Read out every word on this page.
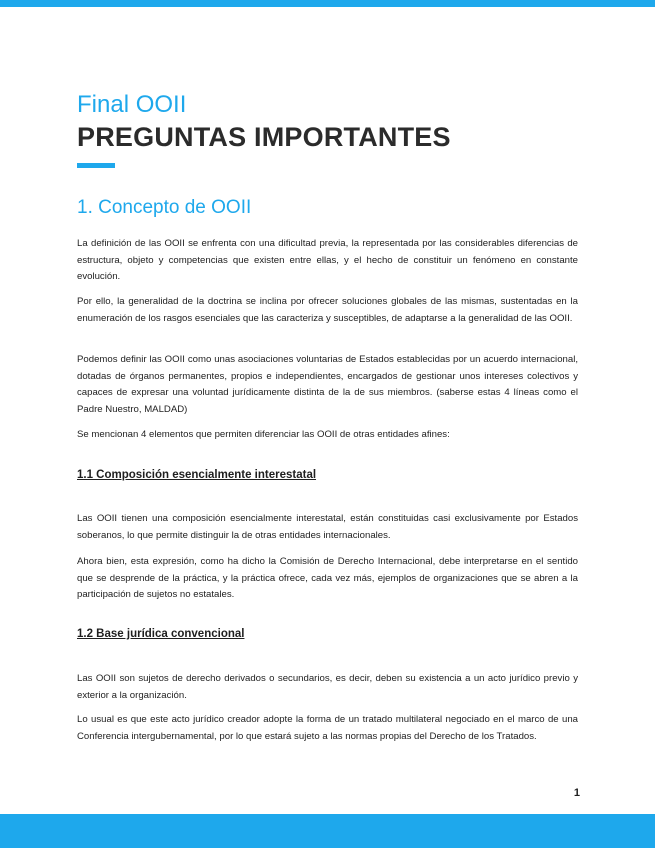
Final OOII
PREGUNTAS IMPORTANTES
1. Concepto de OOII

La definición de las OOII se enfrenta con una dificultad previa, la representada por las considerables diferencias de estructura, objeto y competencias que existen entre ellas, y el hecho de constituir un fenómeno en constante evolución.

Por ello, la generalidad de la doctrina se inclina por ofrecer soluciones globales de las mismas, sustentadas en la enumeración de los rasgos esenciales que las caracteriza y susceptibles, de adaptarse a la generalidad de las OOII.

Podemos definir las OOII como unas asociaciones voluntarias de Estados establecidas por un acuerdo internacional, dotadas de órganos permanentes, propios e independientes, encargados de gestionar unos intereses colectivos y capaces de expresar una voluntad jurídicamente distinta de la de sus miembros. (saberse estas 4 líneas como el Padre Nuestro, MALDAD)

Se mencionan 4 elementos que permiten diferenciar las OOII de otras entidades afines:

1.1 Composición esencialmente interestatal

Las OOII tienen una composición esencialmente interestatal, están constituidas casi exclusivamente por Estados soberanos, lo que permite distinguir la de otras entidades internacionales.

Ahora bien, esta expresión, como ha dicho la Comisión de Derecho Internacional, debe interpretarse en el sentido que se desprende de la práctica, y la práctica ofrece, cada vez más, ejemplos de organizaciones que se abren a la participación de sujetos no estatales.

1.2 Base jurídica convencional

Las OOII son sujetos de derecho derivados o secundarios, es decir, deben su existencia a un acto jurídico previo y exterior a la organización.

Lo usual es que este acto jurídico creador adopte la forma de un tratado multilateral negociado en el marco de una Conferencia intergubernamental, por lo que estará sujeto a las normas propias del Derecho de los Tratados.

1
